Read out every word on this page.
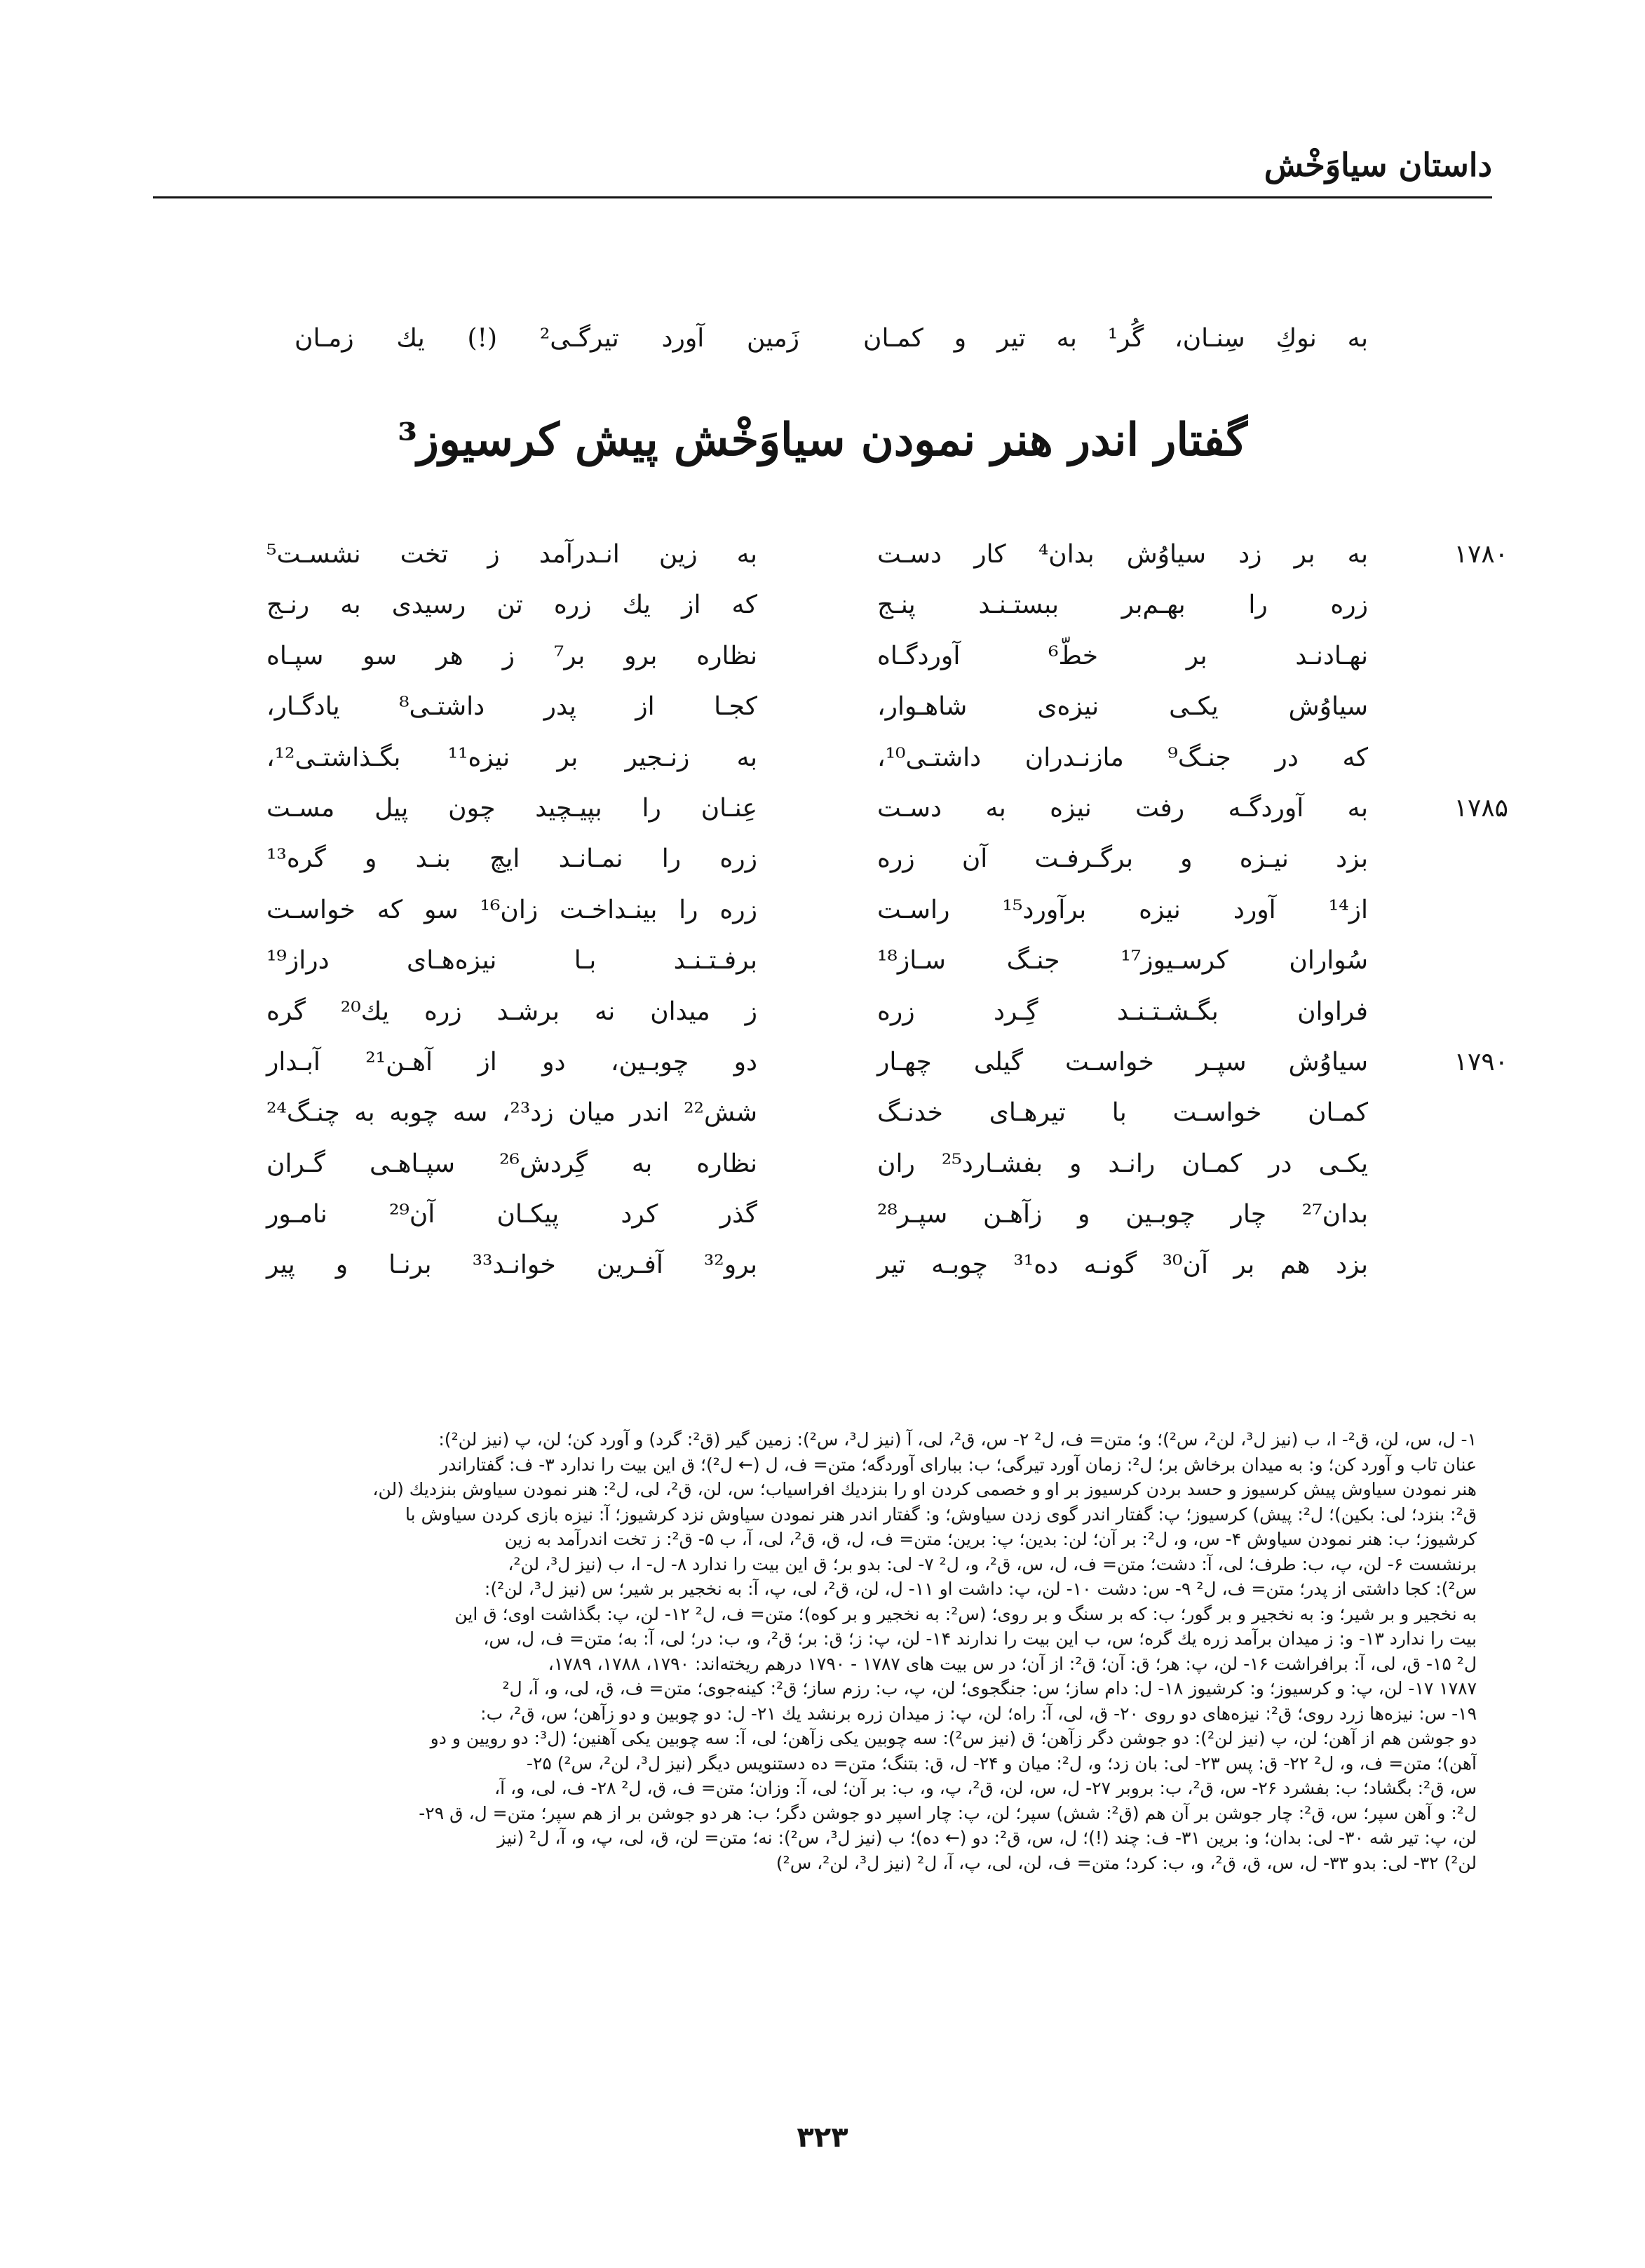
داستان سیاوَخْش
به نوكِ سِنـان، گُر¹ به تیر و كمـان
زَمین آورد تیرگـی² (!) یك زمـان
گفتار اندر هنر نمودن سیاوَخْش پیش كرسیوز³
۱۷۸۰
به بر زد سیاوُش بدان⁴ كار دسـت
به زین انـدرآمد ز تخت نشسـت⁵
زره را بهـم‌بر ببستـنـد پنـج
كه از یك زره تن رسیدی به رنـج
نهـادنـد بر خطّ⁶ آوردگـاه
نظاره برو بر⁷ ز هر سو سپـاه
سیاوُش یكـی نیزه‌ی شاهـوار،
كجـا از پدر داشتـی⁸ یادگـار،
كه در جنـگ⁹ مازنـدران داشتـی¹⁰،
به زنـجیر بر نیزه¹¹ بگـذاشتـی¹²،
۱۷۸۵
به آوردگـه رفت نیزه به دسـت
عِنـان را بپیـچید چون پیل مسـت
بزد نیـزه و برگـرفـت آن زره
زره را نمـانـد ایچ بنـد و گره¹³
از¹⁴ آورد نیزه برآورد¹⁵ راسـت
زره را بینـداخـت زان¹⁶ سو كه خواسـت
سُواران كرسـیوز¹⁷ جنـگ سـاز¹⁸
برفـتـنـد بـا نیزه‌هـای دراز¹⁹
فراوان بگـشـتـنـد گِـرد زره
ز میدان نه برشـد زره یك²⁰ گره
۱۷۹۰
سیاوُش سپـر خواسـت گیلی چهـار
دو چوبـین، دو از آهـن²¹ آبـدار
كمـان خواسـت با تیرهـای خدنـگ
شش²² اندر میان زد²³، سه چوبه به چنـگ²⁴
یكـی در كمـان رانـد و بفشـارد²⁵ ران
نظاره به گِردش²⁶ سپـاهـی گـران
بدان²⁷ چار چوبـین و زآهـن سپـر²⁸
گذر كرد پیكـان آن²⁹ نامـور
بزد هم بر آن³⁰ گونـه ده³¹ چوبـه تیر
برو³² آفـرین خوانـد³³ برنـا و پیر
۱- ل، س، لن، ق²- ا، ب (نیز ل³، لن²، س²)؛ و؛ متن= ف، ل² ۲- س، ق²، لی، آ (نیز ل³، س²): زمین گیر (ق²: گرد) و آورد كن؛ لن، پ (نیز لن²):
عنان تاب و آورد كن؛ و: به میدان برخاش بر؛ ل²: زمان آورد تیرگی؛ ب: ببارای آوردگه؛ متن= ف، ل (← ل²)؛ ق این بیت را ندارد ۳- ف: گفتاراندر
هنر نمودن سیاوش پیش كرسیوز و حسد بردن كرسیوز بر او و خصمی كردن او را بنزدیك افراسیاب؛ س، لن، ق²، لی، ل²: هنر نمودن سیاوش بنزدیك (لن،
ق²: بنزد؛ لی: بكین)؛ ل²: پیش) كرسیوز؛ پ: گفتار اندر گوی زدن سیاوش؛ و: گفتار اندر هنر نمودن سیاوش نزد كرشیوز؛ آ: نیزه بازی كردن سیاوش با
كرشیوز؛ ب: هنر نمودن سیاوش ۴- س، و، ل²: بر آن؛ لن: بدین؛ پ: برین؛ متن= ف، ل، ق، ق²، لی، آ، ب ۵- ق²: ز تخت اندرآمد به زین
برنشست ۶- لن، پ، ب: طرف؛ لی، آ: دشت؛ متن= ف، ل، س، ق²، و، ل² ۷- لی: بدو بر؛ ق این بیت را ندارد ۸- ل- ا، ب (نیز ل³، لن²،
س²): كجا داشتی از پدر؛ متن= ف، ل² ۹- س: دشت ۱۰- لن، پ: داشت او ۱۱- ل، لن، ق²، لی، پ، آ: به نخجیر بر شیر؛ س (نیز ل³، لن²):
به نخجیر و بر شیر؛ و: به نخجیر و بر گور؛ ب: كه بر سنگ و بر روی؛ (س²: به نخجیر و بر كوه)؛ متن= ف، ل² ۱۲- لن، پ: بگذاشت اوی؛ ق این
بیت را ندارد ۱۳- و: ز میدان برآمد زره یك گره؛ س، ب این بیت را ندارند ۱۴- لن، پ: ز؛ ق: بر؛ ق²، و، ب: در؛ لی، آ: به؛ متن= ف، ل، س،
ل² ۱۵- ق، لی، آ: برافراشت ۱۶- لن، پ: هر؛ ق: آن؛ ق²: از آن؛ در س بیت های ۱۷۸۷ - ۱۷۹۰ درهم ریخته‌اند: ۱۷۹۰، ۱۷۸۸، ۱۷۸۹،
۱۷۸۷ ۱۷- لن، پ: و كرسیوز؛ و: كرشیوز ۱۸- ل: دام ساز؛ س: جنگجوی؛ لن، پ، ب: رزم ساز؛ ق²: كینه‌جوی؛ متن= ف، ق، لی، و، آ، ل²
۱۹- س: نیزه‌ها زرد روی؛ ق²: نیزه‌های دو روی ۲۰- ق، لی، آ: راه؛ لن، پ: ز میدان زره برنشد یك ۲۱- ل: دو چوبین و دو زآهن؛ س، ق²، ب:
دو جوشن هم از آهن؛ لن، پ (نیز لن²): دو جوشن دگر زآهن؛ ق (نیز س²): سه چوبین یكی زآهن؛ لی، آ: سه چوبین یكی آهنین؛ (ل³: دو رویین و دو
آهن)؛ متن= ف، و، ل² ۲۲- ق: پس ۲۳- لی: بان زد؛ و، ل²: میان و ۲۴- ل، ق: بتنگ؛ متن= ده دستنویس دیگر (نیز ل³، لن²، س²) ۲۵-
س، ق²: بگشاد؛ ب: بفشرد ۲۶- س، ق²، ب: بروبر ۲۷- ل، س، لن، ق²، پ، و، ب: بر آن؛ لی، آ: وزان؛ متن= ف، ق، ل² ۲۸- ف، لی، و، آ،
ل²: و آهن سپر؛ س، ق²: چار جوشن بر آن هم (ق²: شش) سپر؛ لن، پ: چار اسپر دو جوشن دگر؛ ب: هر دو جوشن بر از هم سپر؛ متن= ل، ق ۲۹-
لن، پ: تیر شه ۳۰- لی: بدان؛ و: برین ۳۱- ف: چند (!)؛ ل، س، ق²: دو (← ده)؛ ب (نیز ل³، س²): نه؛ متن= لن، ق، لی، پ، و، آ، ل² (نیز
لن²) ۳۲- لی: بدو ۳۳- ل، س، ق، ق²، و، ب: كرد؛ متن= ف، لن، لی، پ، آ، ل² (نیز ل³، لن²، س²)
۳۲۳
